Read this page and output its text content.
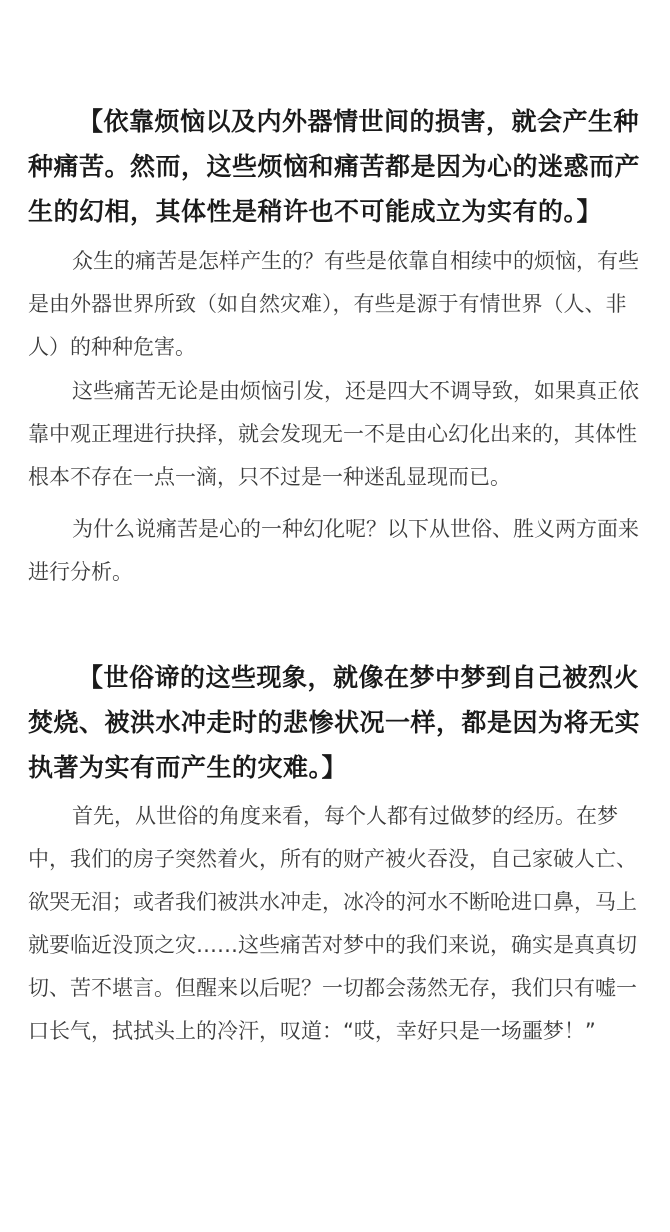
【依靠烦恼以及内外器情世间的损害，就会产生种种痛苦。然而，这些烦恼和痛苦都是因为心的迷惑而产生的幻相，其体性是稍许也不可能成立为实有的。】

众生的痛苦是怎样产生的？有些是依靠自相续中的烦恼，有些是由外器世界所致（如自然灾难），有些是源于有情世界（人、非人）的种种危害。

这些痛苦无论是由烦恼引发，还是四大不调导致，如果真正依靠中观正理进行抉择，就会发现无一不是由心幻化出来的，其体性根本不存在一点一滴，只不过是一种迷乱显现而已。

为什么说痛苦是心的一种幻化呢？以下从世俗、胜义两方面来进行分析。

【世俗谛的这些现象，就像在梦中梦到自己被烈火焚烧、被洪水冲走时的悲惨状况一样，都是因为将无实执著为实有而产生的灾难。】

首先，从世俗的角度来看，每个人都有过做梦的经历。在梦中，我们的房子突然着火，所有的财产被火吞没，自己家破人亡、欲哭无泪；或者我们被洪水冲走，冰冷的河水不断呛进口鼻，马上就要临近没顶之灾……这些痛苦对梦中的我们来说，确实是真真切切、苦不堪言。但醒来以后呢？一切都会荡然无存，我们只有嘘一口长气，拭拭头上的冷汗，叹道：“哎，幸好只是一场噩梦！”
